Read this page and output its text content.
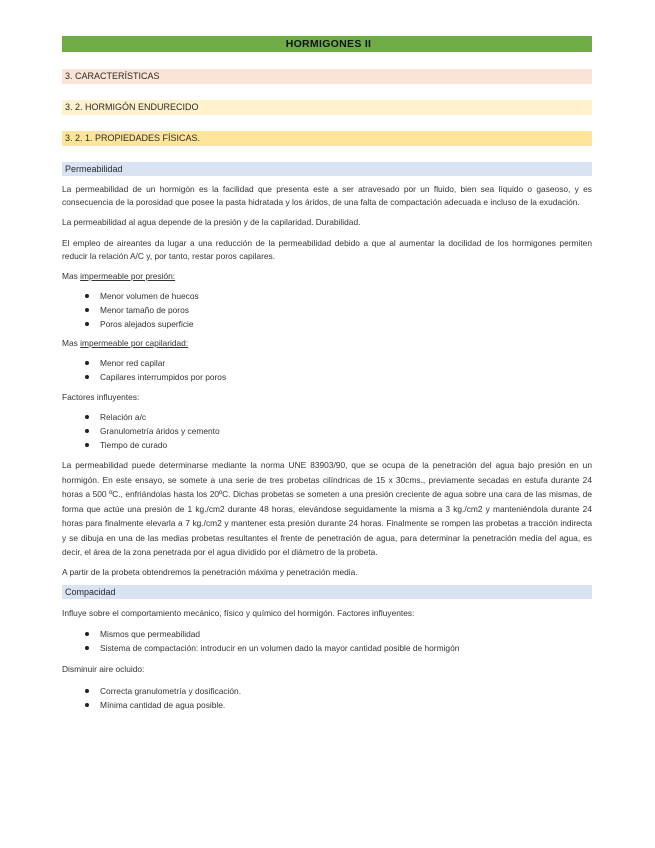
HORMIGONES II
3. CARACTERÍSTICAS
3. 2. HORMIGÓN ENDURECIDO
3. 2. 1. PROPIEDADES FÍSICAS.
Permeabilidad

La permeabilidad de un hormigón es la facilidad que presenta este a ser atravesado por un fluido, bien sea líquido o gaseoso, y es consecuencia de la porosidad que posee la pasta hidratada y los áridos, de una falta de compactación adecuada e incluso de la exudación.

La permeabilidad al agua depende de la presión y de la capilaridad. Durabilidad.

El empleo de aireantes da lugar a una reducción de la permeabilidad debido a que al aumentar la docilidad de los hormigones permiten reducir la relación A/C y, por tanto, restar poros capilares.

Mas impermeable por presión:

Menor volumen de huecos
Menor tamaño de poros
Poros alejados superficie

Mas impermeable por capilaridad:

Menor red capilar
Capilares interrumpidos por poros

Factores influyentes:

Relación a/c
Granulometría áridos y cemento
Tiempo de curado

La permeabilidad puede determinarse mediante la norma UNE 83903/90, que se ocupa de la penetración del agua bajo presión en un hormigón. En este ensayo, se somete a una serie de tres probetas cilíndricas de 15 x 30cms., previamente secadas en estufa durante 24 horas a 500 ºC., enfriándolas hasta los 20ºC. Dichas probetas se someten a una presión creciente de agua sobre una cara de las mismas, de forma que actúe una presión de 1 kg./cm2 durante 48 horas, elevándose seguidamente la misma a 3 kg./cm2 y manteniéndola durante 24 horas para finalmente elevarla a 7 kg./cm2 y mantener esta presión durante 24 horas. Finalmente se rompen las probetas a tracción indirecta y se dibuja en una de las medias probetas resultantes el frente de penetración de agua, para determinar la penetración media del agua, es decir, el área de la zona penetrada por el agua dividido por el diámetro de la probeta.

A partir de la probeta obtendremos la penetración máxima y penetración media.

Compacidad

Influye sobre el comportamiento mecánico, físico y químico del hormigón. Factores influyentes:

Mismos que permeabilidad
Sistema de compactación: introducir en un volumen dado la mayor cantidad posible de hormigón

Disminuir aire ocluido:

Correcta granulometría y dosificación.
Mínima cantidad de agua posible.
